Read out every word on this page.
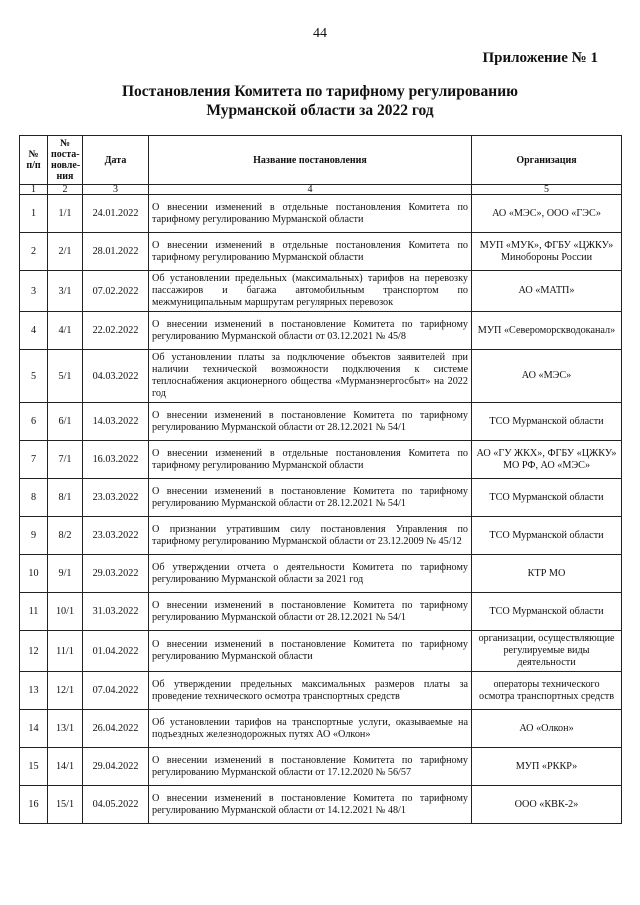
44
Приложение № 1
Постановления Комитета по тарифному регулированию
Мурманской области за 2022 год
№ п/п	№ поста-новле-ния	Дата	Название постановления	Организация
1	2	3	4	5
1	1/1	24.01.2022	О внесении изменений в отдельные постановления Комитета по тарифному регулированию Мурманской области	АО «МЭС», ООО «ГЭС»
2	2/1	28.01.2022	О внесении изменений в отдельные постановления Комитета по тарифному регулированию Мурманской области	МУП «МУК», ФГБУ «ЦЖКУ» Минобороны России
3	3/1	07.02.2022	Об установлении предельных (максимальных) тарифов на перевозку пассажиров и багажа автомобильным транспортом по межмуниципальным маршрутам регулярных перевозок	АО «МАТП»
4	4/1	22.02.2022	О внесении изменений в постановление Комитета по тарифному регулированию Мурманской области от 03.12.2021 № 45/8	МУП «Североморскводоканал»
5	5/1	04.03.2022	Об установлении платы за подключение объектов заявителей при наличии технической возможности подключения к системе теплоснабжения акционерного общества «Мурманэнергосбыт» на 2022 год	АО «МЭС»
6	6/1	14.03.2022	О внесении изменений в постановление Комитета по тарифному регулированию Мурманской области от 28.12.2021 № 54/1	ТСО Мурманской области
7	7/1	16.03.2022	О внесении изменений в отдельные постановления Комитета по тарифному регулированию Мурманской области	АО «ГУ ЖКХ», ФГБУ «ЦЖКУ» МО РФ, АО «МЭС»
8	8/1	23.03.2022	О внесении изменений в постановление Комитета по тарифному регулированию Мурманской области от 28.12.2021 № 54/1	ТСО Мурманской области
9	8/2	23.03.2022	О признании утратившим силу постановления Управления по тарифному регулированию Мурманской области от 23.12.2009 № 45/12	ТСО Мурманской области
10	9/1	29.03.2022	Об утверждении отчета о деятельности Комитета по тарифному регулированию Мурманской области за 2021 год	КТР МО
11	10/1	31.03.2022	О внесении изменений в постановление Комитета по тарифному регулированию Мурманской области от 28.12.2021 № 54/1	ТСО Мурманской области
12	11/1	01.04.2022	О внесении изменений в постановление Комитета по тарифному регулированию Мурманской области	организации, осуществляющие регулируемые виды деятельности
13	12/1	07.04.2022	Об утверждении предельных максимальных размеров платы за проведение технического осмотра транспортных средств	операторы технического осмотра транспортных средств
14	13/1	26.04.2022	Об установлении тарифов на транспортные услуги, оказываемые на подъездных железнодорожных путях АО «Олкон»	АО «Олкон»
15	14/1	29.04.2022	О внесении изменений в постановление Комитета по тарифному регулированию Мурманской области от 17.12.2020 № 56/57	МУП «РККР»
16	15/1	04.05.2022	О внесении изменений в постановление Комитета по тарифному регулированию Мурманской области от 14.12.2021 № 48/1	ООО «КВК-2»
